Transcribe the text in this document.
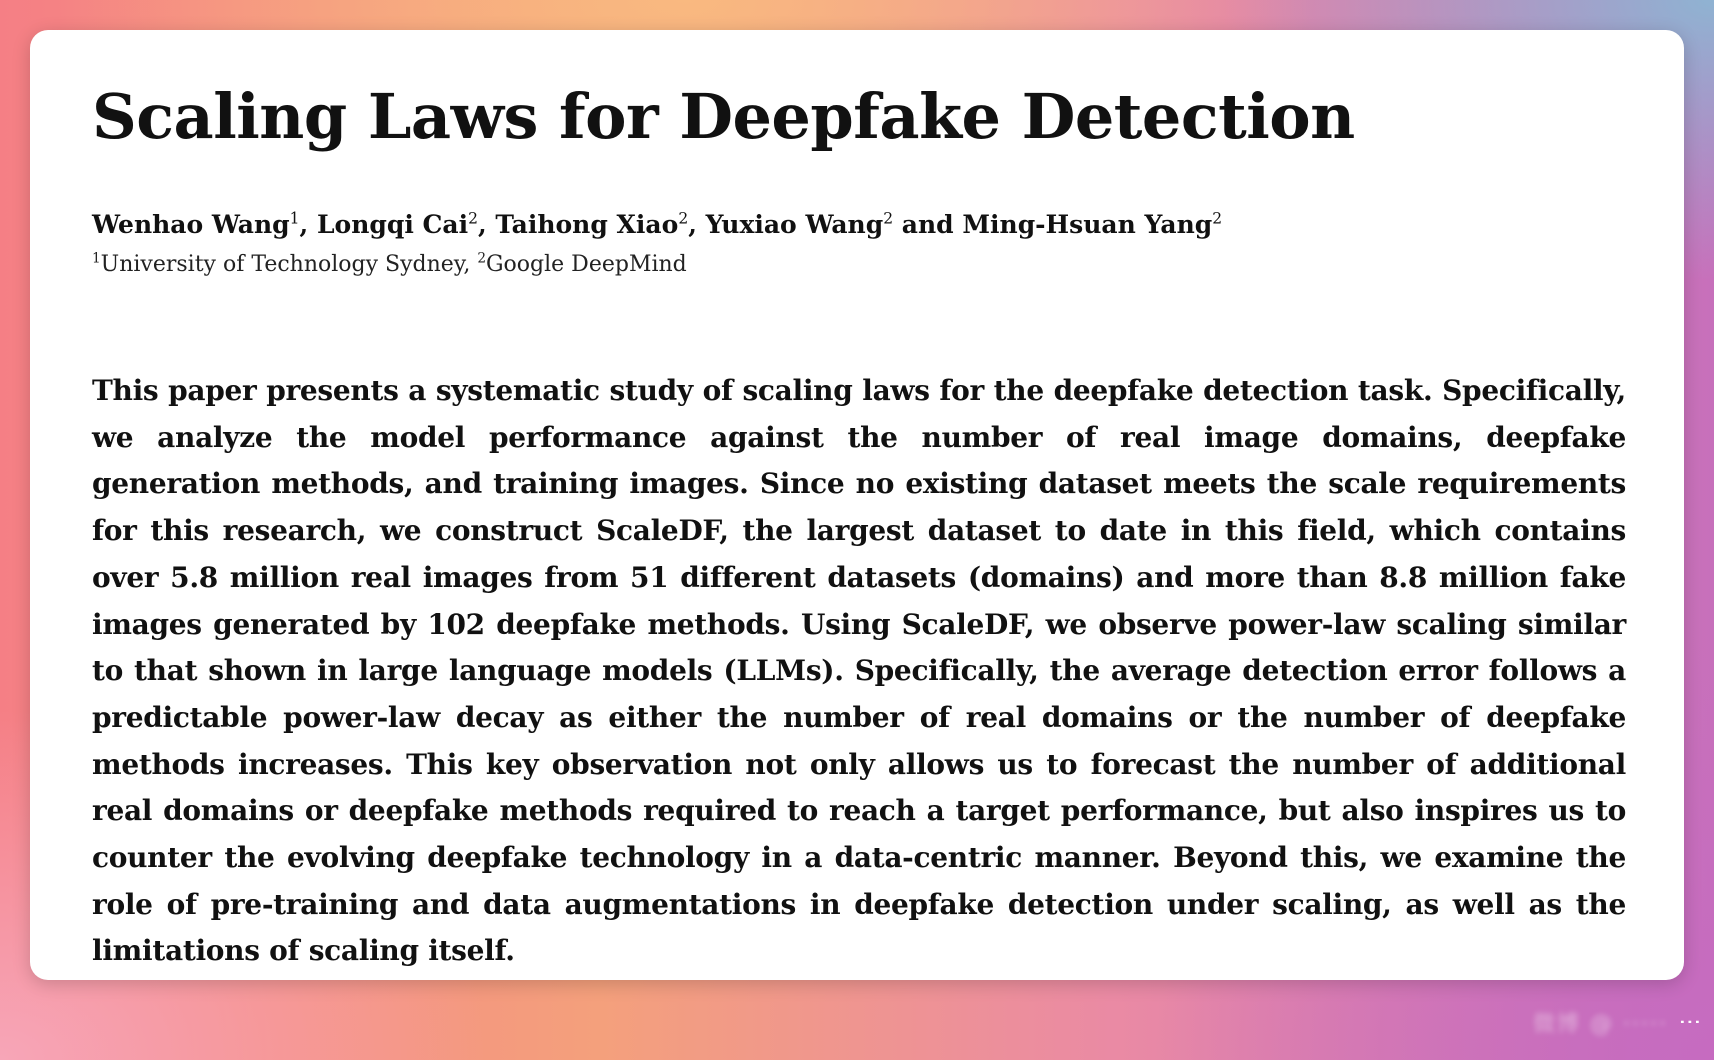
Scaling Laws for Deepfake Detection
Wenhao Wang$^1$, Longqi Cai$^2$, Taihong Xiao$^2$, Yuxiao Wang$^2$ and Ming-Hsuan Yang$^2$
$^1$University of Technology Sydney, $^2$Google DeepMind

This paper presents a systematic study of scaling laws for the deepfake detection task. Specifically, we analyze the model performance against the number of real image domains, deepfake generation methods, and training images. Since no existing dataset meets the scale requirements for this research, we construct ScaleDF, the largest dataset to date in this field, which contains over 5.8 million real images from 51 different datasets (domains) and more than 8.8 million fake images generated by 102 deepfake methods. Using ScaleDF, we observe power-law scaling similar to that shown in large language models (LLMs). Specifically, the average detection error follows a predictable power-law decay as either the number of real domains or the number of deepfake methods increases. This key observation not only allows us to forecast the number of additional real domains or deepfake methods required to reach a target performance, but also inspires us to counter the evolving deepfake technology in a data-centric manner. Beyond this, we examine the role of pre-training and data augmentations in deepfake detection under scaling, as well as the limitations of scaling itself.

微博 @ ····· ⋮
